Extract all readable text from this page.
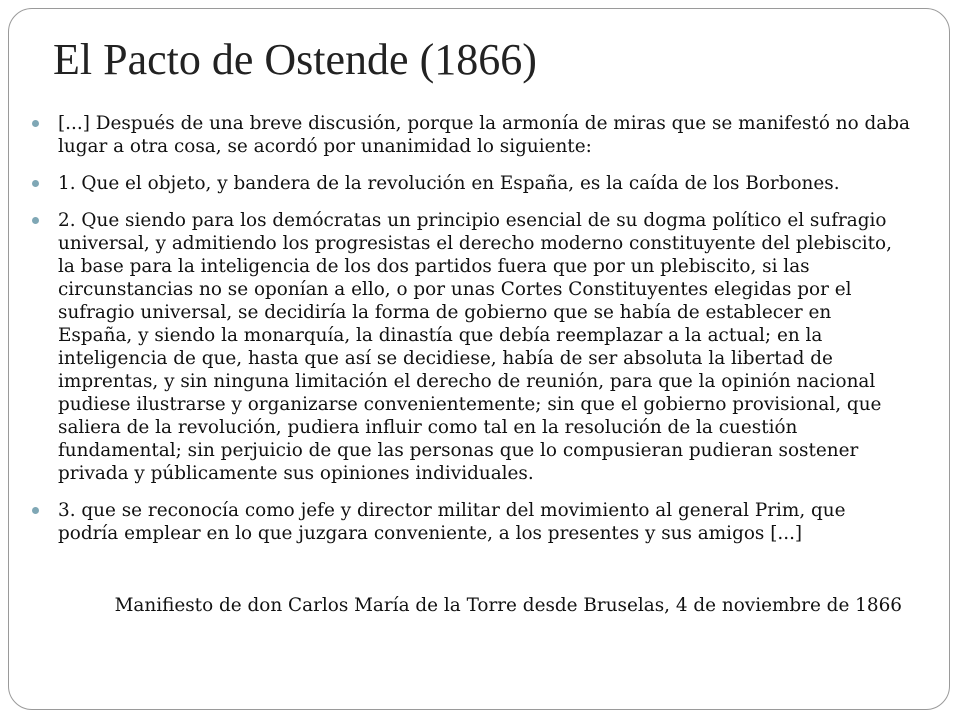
El Pacto de Ostende (1866)
[...] Después de una breve discusión, porque la armonía de miras que se manifestó no daba lugar a otra cosa, se acordó por unanimidad lo siguiente:
1. Que el objeto, y bandera de la revolución en España, es la caída de los Borbones.
2. Que siendo para los demócratas un principio esencial de su dogma político el sufragio universal, y admitiendo los progresistas el derecho moderno constituyente del plebiscito, la base para la inteligencia de los dos partidos fuera que por un plebiscito, si las circunstancias no se oponían a ello, o por unas Cortes Constituyentes elegidas por el sufragio universal, se decidiría la forma de gobierno que se había de establecer en España, y siendo la monarquía, la dinastía que debía reemplazar a la actual; en la inteligencia de que, hasta que así se decidiese, había de ser absoluta la libertad de imprentas, y sin ninguna limitación el derecho de reunión, para que la opinión nacional pudiese ilustrarse y organizarse convenientemente; sin que el gobierno provisional, que saliera de la revolución, pudiera influir como tal en la resolución de la cuestión fundamental; sin perjuicio de que las personas que lo compusieran pudieran sostener privada y públicamente sus opiniones individuales.
3. que se reconocía como jefe y director militar del movimiento al general Prim, que podría emplear en lo que juzgara conveniente, a los presentes y sus amigos [...]

Manifiesto de don Carlos María de la Torre desde Bruselas, 4 de noviembre de 1866
